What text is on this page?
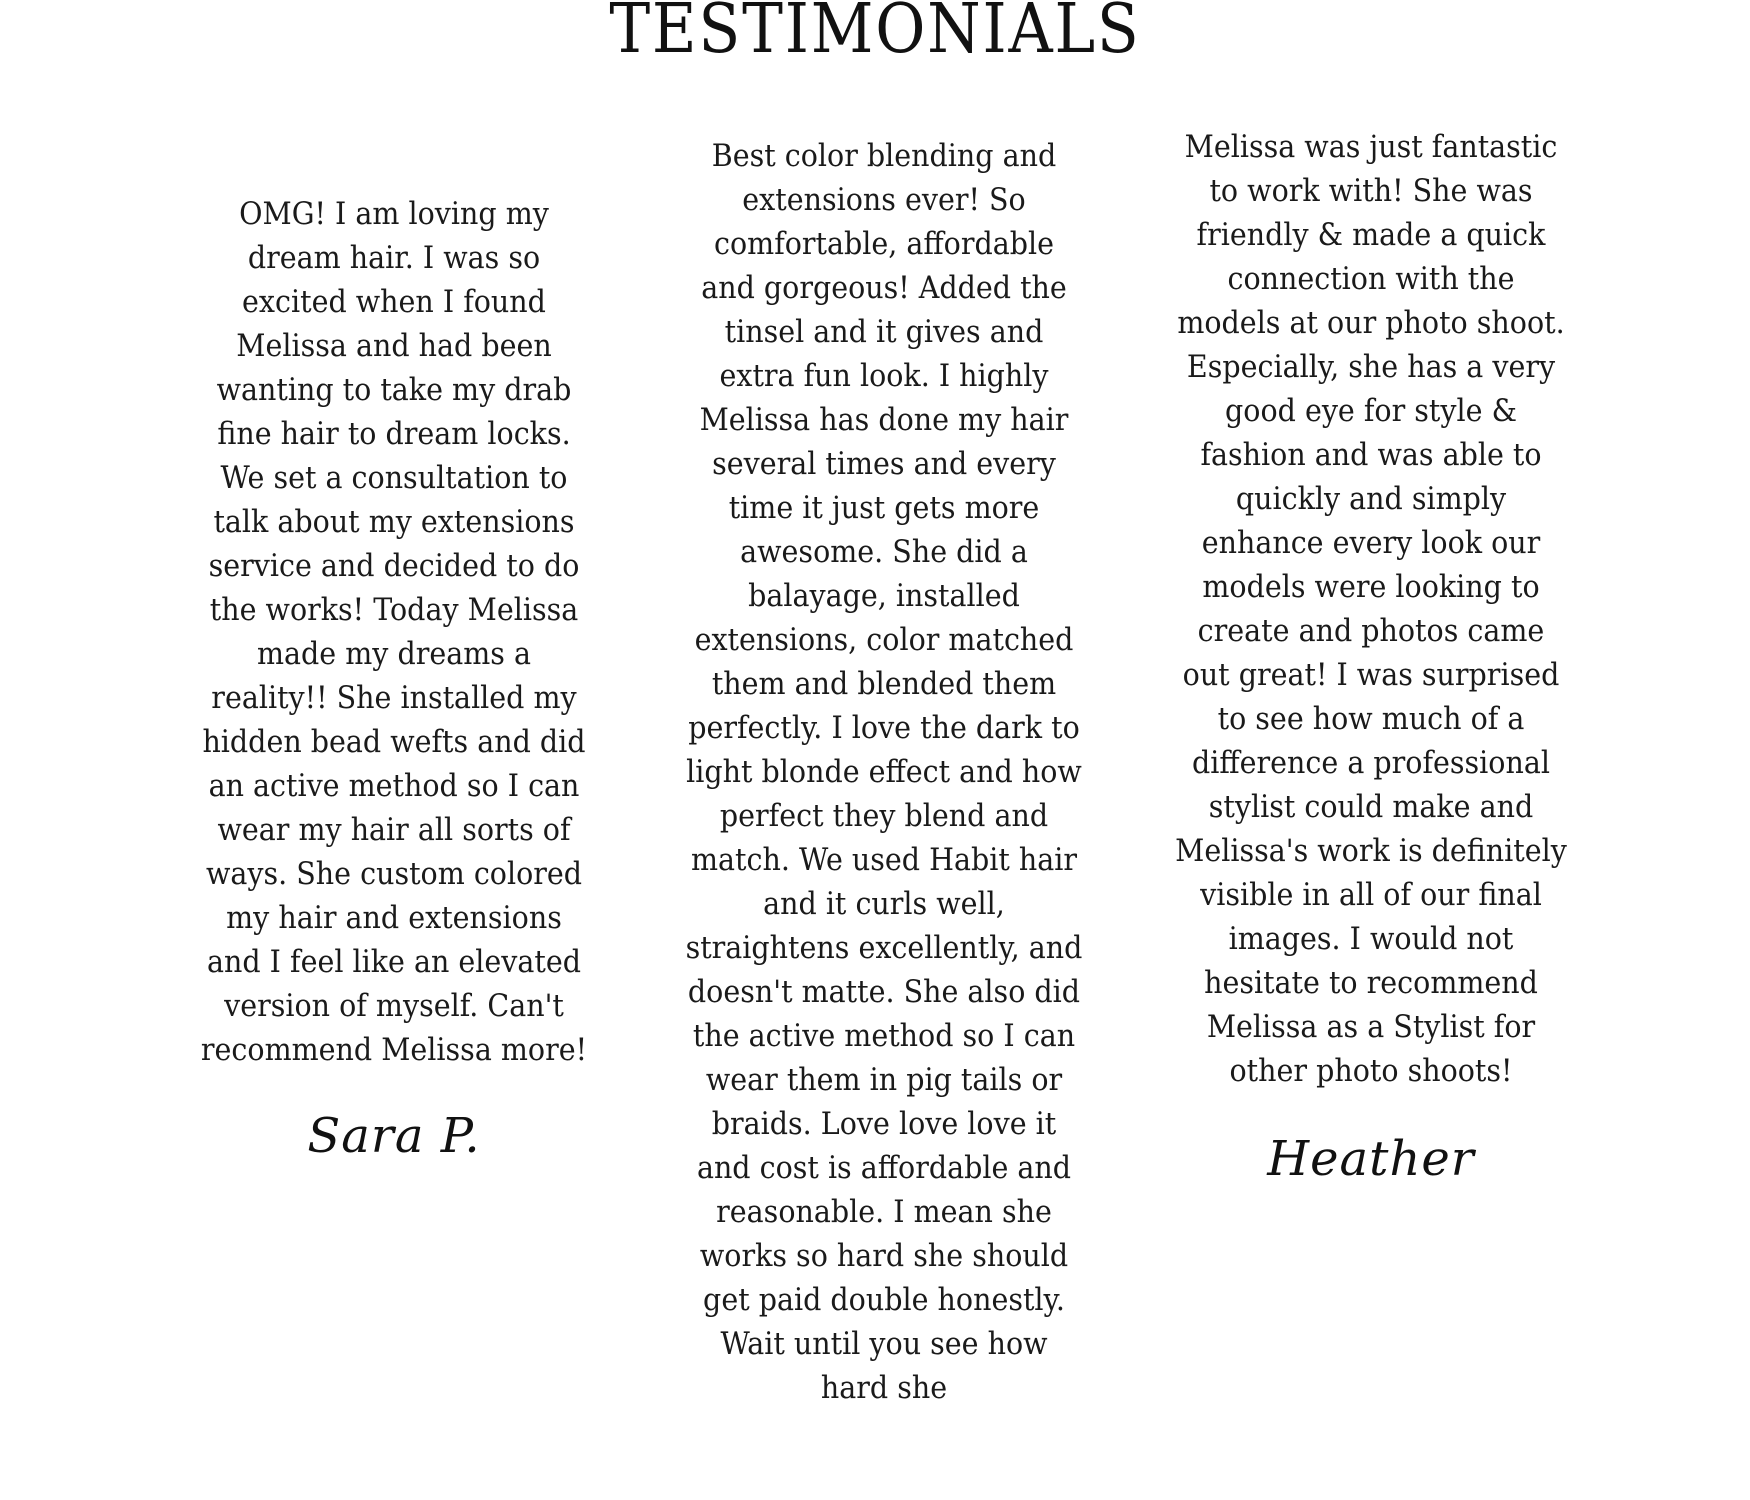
TESTIMONIALS

OMG! I am loving my dream hair. I was so excited when I found Melissa and had been wanting to take my drab fine hair to dream locks. We set a consultation to talk about my extensions service and decided to do the works! Today Melissa made my dreams a reality!! She installed my hidden bead wefts and did an active method so I can wear my hair all sorts of ways. She custom colored my hair and extensions and I feel like an elevated version of myself. Can't recommend Melissa more!

Sara P.

Best color blending and extensions ever! So comfortable, affordable and gorgeous! Added the tinsel and it gives and extra fun look. I highly Melissa has done my hair several times and every time it just gets more awesome. She did a balayage, installed extensions, color matched them and blended them perfectly. I love the dark to light blonde effect and how perfect they blend and match. We used Habit hair and it curls well, straightens excellently, and doesn't matte. She also did the active method so I can wear them in pig tails or braids. Love love love it and cost is affordable and reasonable. I mean she works so hard she should get paid double honestly. Wait until you see how hard she

Melissa was just fantastic to work with! She was friendly & made a quick connection with the models at our photo shoot. Especially, she has a very good eye for style & fashion and was able to quickly and simply enhance every look our models were looking to create and photos came out great! I was surprised to see how much of a difference a professional stylist could make and Melissa's work is definitely visible in all of our final images. I would not hesitate to recommend Melissa as a Stylist for other photo shoots!

Heather
